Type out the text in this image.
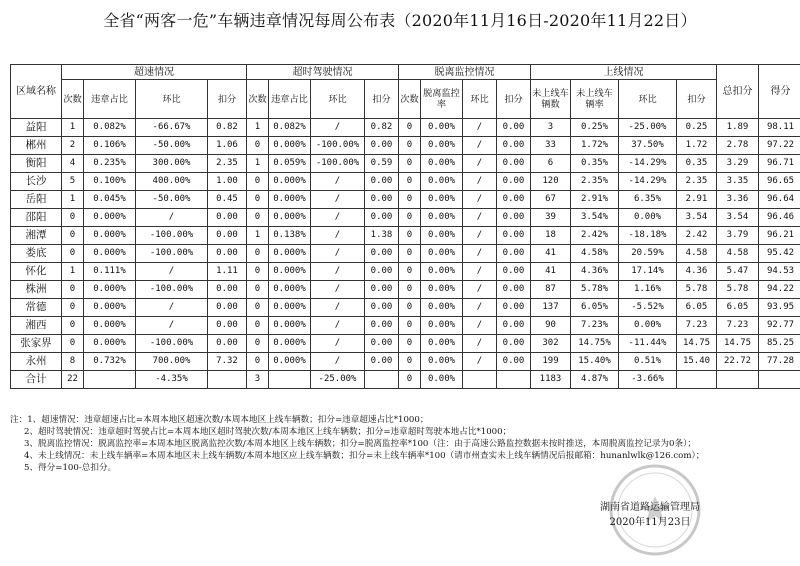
全省“两客一危”车辆违章情况每周公布表（2020年11月16日-2020年11月22日）
区域名称	超速情况				超时驾驶情况				脱离监控情况				上线情况				总扣分	得分
	次数	违章占比	环比	扣分	次数	违章占比	环比	扣分	次数	脱离监控率	环比	扣分	未上线车辆数	未上线车辆率	环比	扣分		
益阳	1	0.082%	-66.67%	0.82	1	0.082%	/	0.82	0	0.00%	/	0.00	3	0.25%	-25.00%	0.25	1.89	98.11
郴州	2	0.106%	-50.00%	1.06	0	0.000%	-100.00%	0.00	0	0.00%	/	0.00	33	1.72%	37.50%	1.72	2.78	97.22
衡阳	4	0.235%	300.00%	2.35	1	0.059%	-100.00%	0.59	0	0.00%	/	0.00	6	0.35%	-14.29%	0.35	3.29	96.71
长沙	5	0.100%	400.00%	1.00	0	0.000%	/	0.00	0	0.00%	/	0.00	120	2.35%	-14.29%	2.35	3.35	96.65
岳阳	1	0.045%	-50.00%	0.45	0	0.000%	/	0.00	0	0.00%	/	0.00	67	2.91%	6.35%	2.91	3.36	96.64
邵阳	0	0.000%	/	0.00	0	0.000%	/	0.00	0	0.00%	/	0.00	39	3.54%	0.00%	3.54	3.54	96.46
湘潭	0	0.000%	-100.00%	0.00	1	0.138%	/	1.38	0	0.00%	/	0.00	18	2.42%	-18.18%	2.42	3.79	96.21
娄底	0	0.000%	-100.00%	0.00	0	0.000%	/	0.00	0	0.00%	/	0.00	41	4.58%	20.59%	4.58	4.58	95.42
怀化	1	0.111%	/	1.11	0	0.000%	/	0.00	0	0.00%	/	0.00	41	4.36%	17.14%	4.36	5.47	94.53
株洲	0	0.000%	-100.00%	0.00	0	0.000%	/	0.00	0	0.00%	/	0.00	87	5.78%	1.16%	5.78	5.78	94.22
常德	0	0.000%	/	0.00	0	0.000%	/	0.00	0	0.00%	/	0.00	137	6.05%	-5.52%	6.05	6.05	93.95
湘西	0	0.000%	/	0.00	0	0.000%	/	0.00	0	0.00%	/	0.00	90	7.23%	0.00%	7.23	7.23	92.77
张家界	0	0.000%	-100.00%	0.00	0	0.000%	/	0.00	0	0.00%	/	0.00	302	14.75%	-11.44%	14.75	14.75	85.25
永州	8	0.732%	700.00%	7.32	0	0.000%	/	0.00	0	0.00%	/	0.00	199	15.40%	0.51%	15.40	22.72	77.28
合计	22		-4.35%		3		-25.00%		0	0.00%			1183	4.87%	-3.66%			
注：1、超速情况：违章超速占比=本周本地区超速次数/本周本地区上线车辆数；扣分=违章超速占比*1000；
2、超时驾驶情况：违章超时驾驶占比=本周本地区超时驾驶次数/本周本地区上线车辆数；扣分=违章超时驾驶本地占比*1000；
3、脱离监控情况：脱离监控率=本周本地区脱离监控次数/本周本地区上线车辆数；扣分=脱离监控率*100（注：由于高速公路监控数据未按时推送，本周脱离监控记录为0条）；
4、未上线情况：未上线车辆率=本周本地区未上线车辆数/本周本地区应上线车辆数；扣分=未上线车辆率*100（请市州查实未上线车辆情况后报邮箱：hunanlwlk@126.com）；
5、得分=100-总扣分。
湖南省道路运输管理局
2020年11月23日
